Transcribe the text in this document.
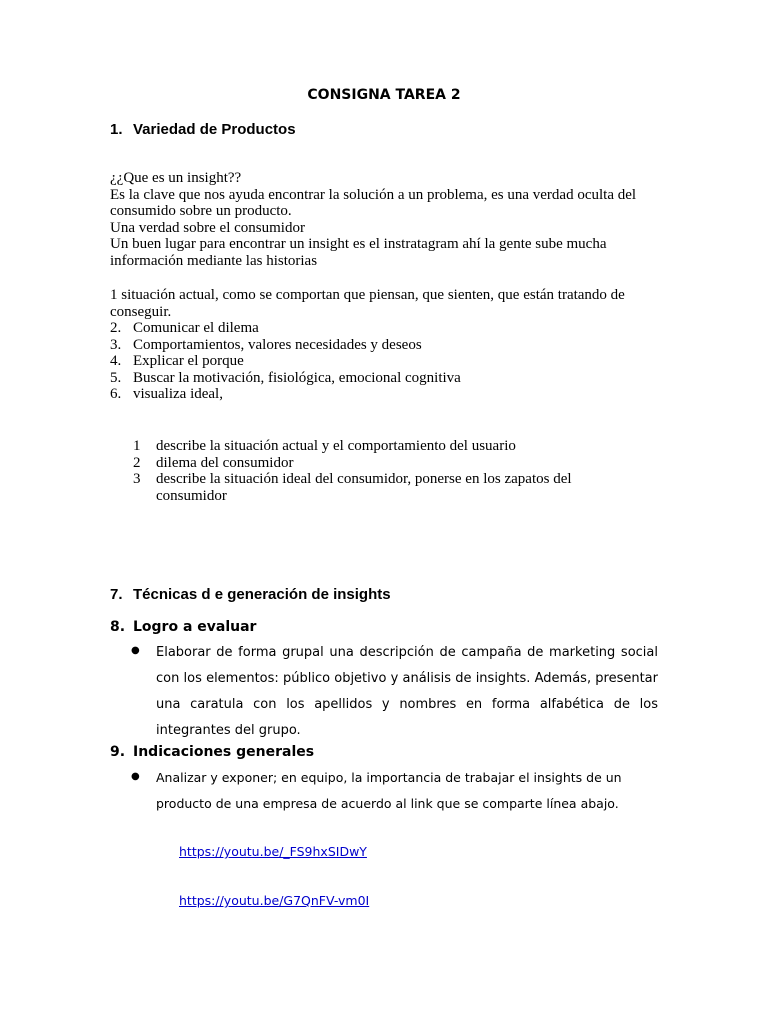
CONSIGNA TAREA 2
1. Variedad de Productos
¿¿Que es un insight??
Es la clave que nos ayuda encontrar la solución a un problema, es una verdad oculta del
consumido sobre un producto.
Una verdad sobre el consumidor
Un buen lugar para encontrar un insight es el instratagram ahí la gente sube mucha
información mediante las historias
1 situación actual, como se comportan que piensan, que sienten, que están tratando de
conseguir.
2. Comunicar el dilema
3. Comportamientos, valores necesidades y deseos
4. Explicar el porque
5. Buscar la motivación, fisiológica, emocional cognitiva
6. visualiza ideal,
1	describe la situación actual y el comportamiento del usuario
2	dilema del consumidor
3	describe la situación ideal del consumidor, ponerse en los zapatos del consumidor
7. Técnicas d e generación de insights
8. Logro a evaluar
● Elaborar de forma grupal una descripción de campaña de marketing social con los elementos: público objetivo y análisis de insights. Además, presentar una caratula con los apellidos y nombres en forma alfabética de los integrantes del grupo.
9. Indicaciones generales
● Analizar y exponer; en equipo, la importancia de trabajar el insights de un producto de una empresa de acuerdo al link que se comparte línea abajo.
https://youtu.be/_FS9hxSIDwY
https://youtu.be/G7QnFV-vm0I
